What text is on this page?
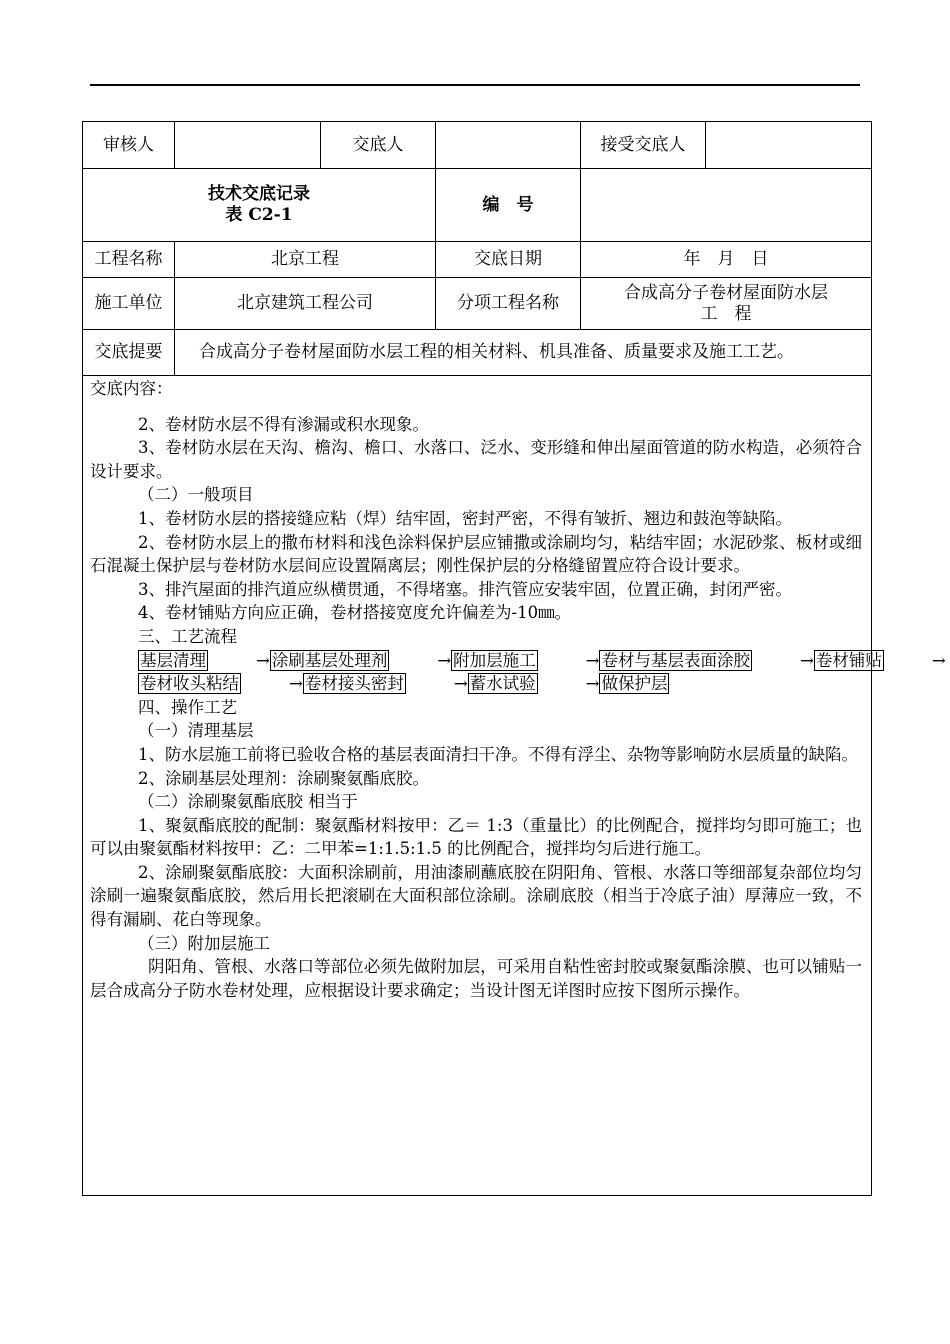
审核人		交底人		接受交底人	

技术交底记录
表 C2-1			编　号		
工程名称	北京工程		交底日期	年　月　日	
施工单位	北京建筑工程公司		分项工程名称	合成高分子卷材屋面防水层
工　程	

交底提要	合成高分子卷材屋面防水层工程的相关材料、机具准备、质量要求及施工工艺。				

交底内容：

2、卷材防水层不得有渗漏或积水现象。

3、卷材防水层在天沟、檐沟、檐口、水落口、泛水、变形缝和伸出屋面管道的防水构造，必须符合设计要求。

（二）一般项目

1、卷材防水层的搭接缝应粘（焊）结牢固，密封严密，不得有皱折、翘边和鼓泡等缺陷。

2、卷材防水层上的撒布材料和浅色涂料保护层应铺撒或涂刷均匀，粘结牢固；水泥砂浆、板材或细石混凝土保护层与卷材防水层间应设置隔离层；刚性保护层的分格缝留置应符合设计要求。

3、排汽屋面的排汽道应纵横贯通，不得堵塞。排汽管应安装牢固，位置正确，封闭严密。

4、卷材铺贴方向应正确，卷材搭接宽度允许偏差为-10㎜。

三、工艺流程

基层清理	→ 涂刷基层处理剂	→ 附加层施工	→ 卷材与基层表面涂胶	→ 卷材铺贴	→

卷材收头粘结	→ 卷材接头密封	→ 蓄水试验	→ 做保护层

四、操作工艺

（一）清理基层

1、防水层施工前将已验收合格的基层表面清扫干净。不得有浮尘、杂物等影响防水层质量的缺陷。

2、涂刷基层处理剂：涂刷聚氨酯底胶。

（二）涂刷聚氨酯底胶 相当于

1、聚氨酯底胶的配制：聚氨酯材料按甲：乙＝ 1:3（重量比）的比例配合，搅拌均匀即可施工；也可以由聚氨酯材料按甲：乙：二甲苯=1:1.5:1.5 的比例配合，搅拌均匀后进行施工。

2、涂刷聚氨酯底胶：大面积涂刷前，用油漆刷蘸底胶在阴阳角、管根、水落口等细部复杂部位均匀涂刷一遍聚氨酯底胶，然后用长把滚刷在大面积部位涂刷。涂刷底胶（相当于冷底子油）厚薄应一致，不得有漏刷、花白等现象。

（三）附加层施工

阴阳角、管根、水落口等部位必须先做附加层，可采用自粘性密封胶或聚氨酯涂膜、也可以铺贴一层合成高分子防水卷材处理，应根据设计要求确定；当设计图无详图时应按下图所示操作。
